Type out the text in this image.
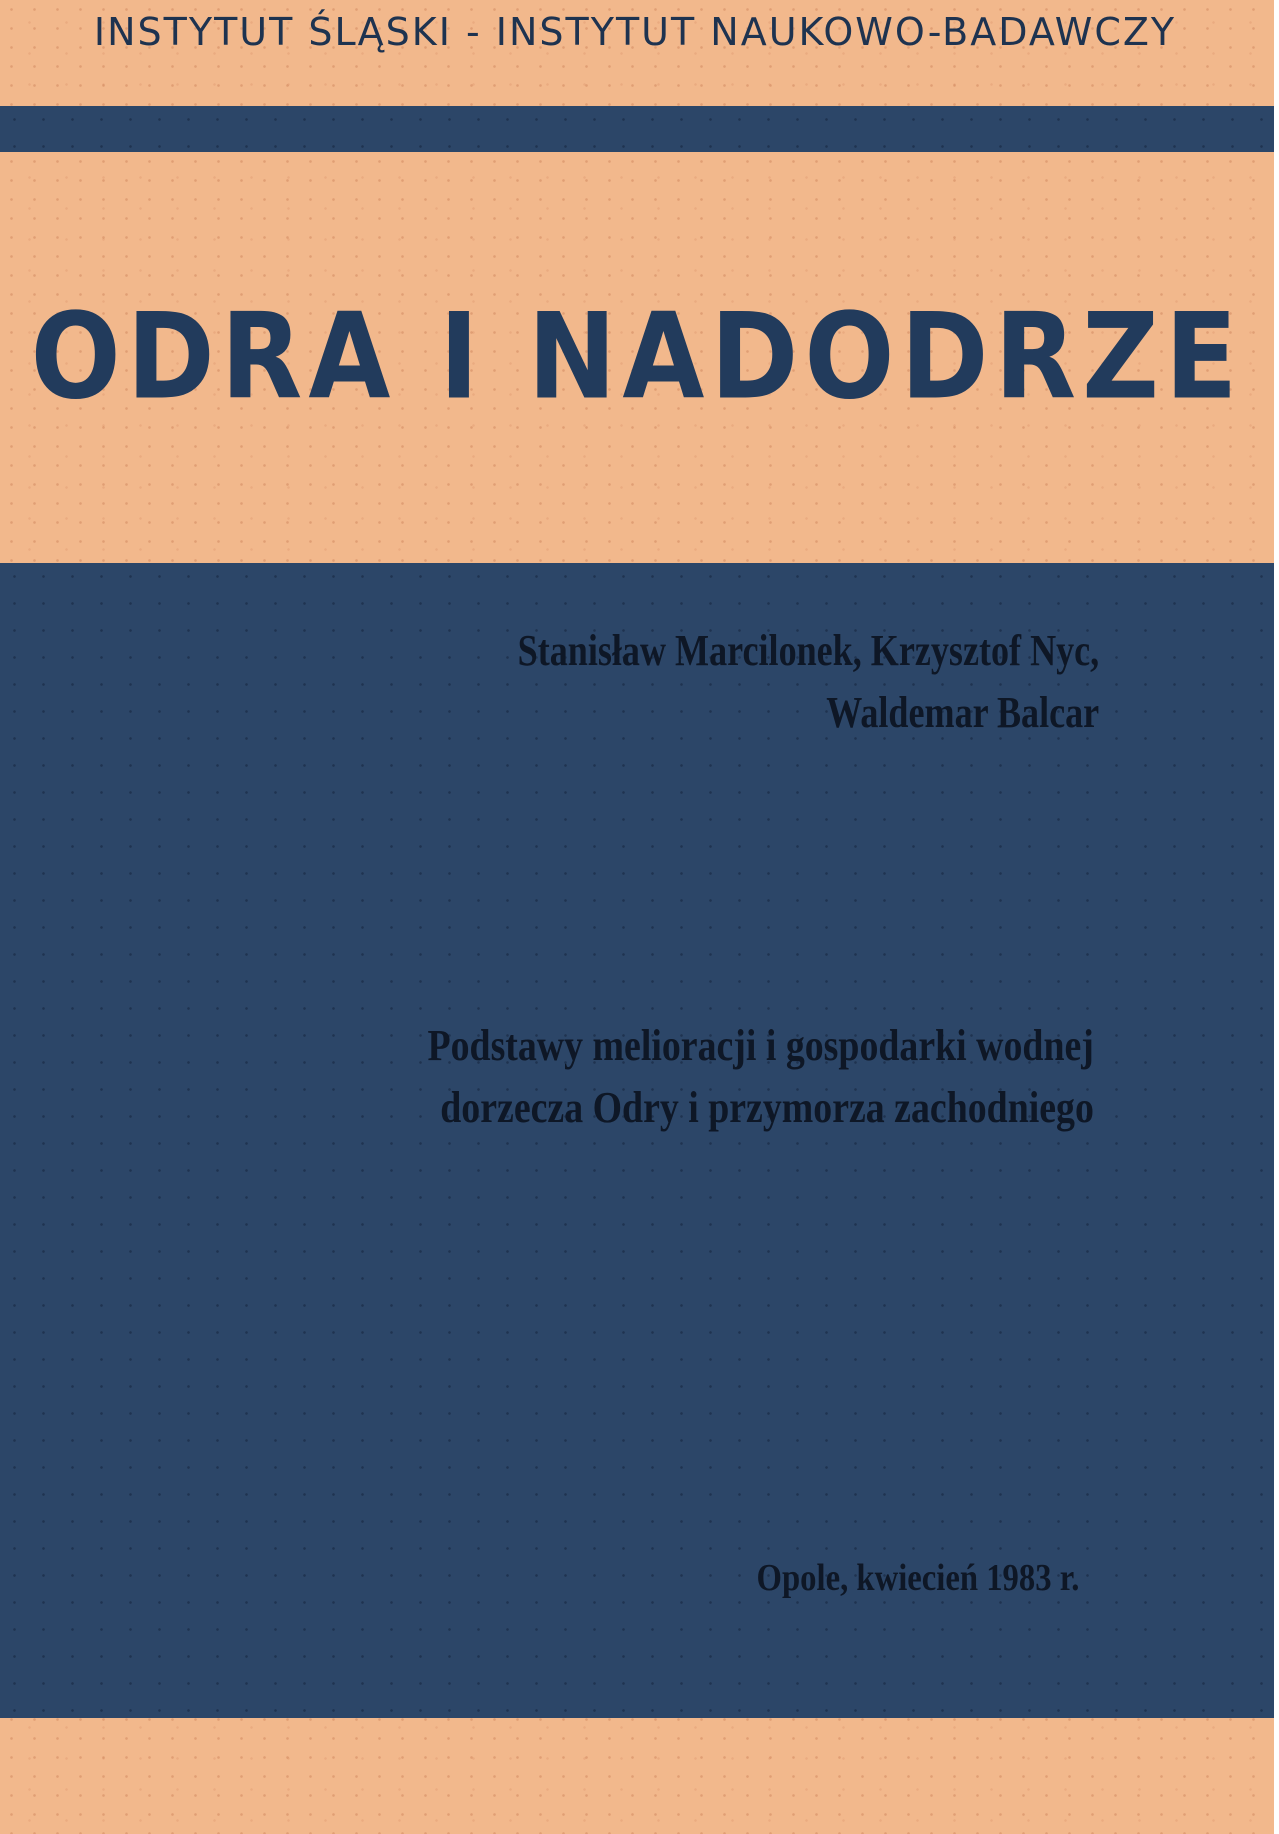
INSTYTUT ŚLĄSKI - INSTYTUT NAUKOWO-BADAWCZY
ODRA I NADODRZE
Stanisław Marcilonek, Krzysztof Nyc,
Waldemar Balcar
Podstawy melioracji i gospodarki wodnej
dorzecza Odry i przymorza zachodniego
Opole, kwiecień 1983 r.
